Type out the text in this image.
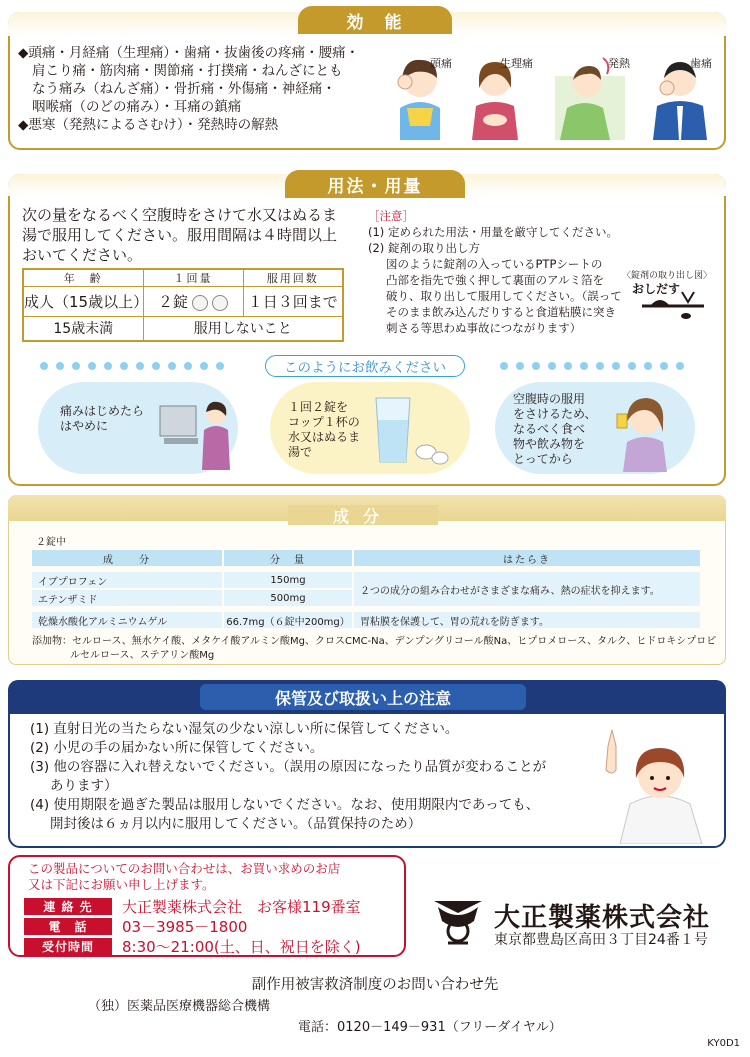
効　能

◆頭痛・月経痛（生理痛）・歯痛・抜歯後の疼痛・腰痛・

肩こり痛・筋肉痛・関節痛・打撲痛・ねんざにとも

なう痛み（ねんざ痛）・骨折痛・外傷痛・神経痛・

咽喉痛（のどの痛み）・耳痛の鎮痛

◆悪寒（発熱によるさむけ）・発熱時の解熱

頭痛	生理痛	発熱	歯痛
用法・用量
次の量をなるべく空腹時をさけて水又はぬるま
湯で服用してください。服用間隔は４時間以上
おいてください。
年　齢	１回量	服用回数
成人（15歳以上）	２錠	１日３回まで
15歳未満	服用しないこと	
［注意］
(1) 定められた用法・用量を厳守してください。
(2) 錠剤の取り出し方
図のように錠剤の入っているPTPシートの
凸部を指先で強く押して裏面のアルミ箔を
破り、取り出して服用してください。（誤って
そのまま飲み込んだりすると食道粘膜に突き
刺さる等思わぬ事故につながります）
〈錠剤の取り出し図〉
おしだす
このようにお飲みください
痛みはじめたら
はやめに
１回２錠を
コップ１杯の
水又はぬるま
湯で
空腹時の服用
をさけるため、
なるべく食べ
物や飲み物を
とってから
成分
２錠中
成　　分	分　量	はたらき

イブプロフェン	150mg	２つの成分の組み合わせがさまざまな痛み、熱の症状を抑えます。
エテンザミド	500mg	

乾燥水酸化アルミニウムゲル	66.7mg（６錠中200mg）	胃粘膜を保護して、胃の荒れを防ぎます。
添加物：セルロース、無水ケイ酸、メタケイ酸アルミン酸Mg、クロスCMC-Na、デンプングリコール酸Na、ヒプロメロース、タルク、ヒドロキシプロピ
ルセルロース、ステアリン酸Mg
保管及び取扱い上の注意
(1) 直射日光の当たらない湿気の少ない涼しい所に保管してください。
(2) 小児の手の届かない所に保管してください。
(3) 他の容器に入れ替えないでください。（誤用の原因になったり品質が変わることが
あります）
(4) 使用期限を過ぎた製品は服用しないでください。なお、使用期限内であっても、
開封後は６ヵ月以内に服用してください。（品質保持のため）
この製品についてのお問い合わせは、お買い求めのお店
又は下記にお願い申し上げます。
連 絡 先	大正製薬株式会社　お客様119番室
電　話	03－3985－1800
受付時間	8:30～21:00(土、日、祝日を除く)
大正製薬株式会社
東京都豊島区高田３丁目24番１号
副作用被害救済制度のお問い合わせ先
（独）医薬品医療機器総合機構
電話：0120－149－931（フリーダイヤル）
KY0D1
